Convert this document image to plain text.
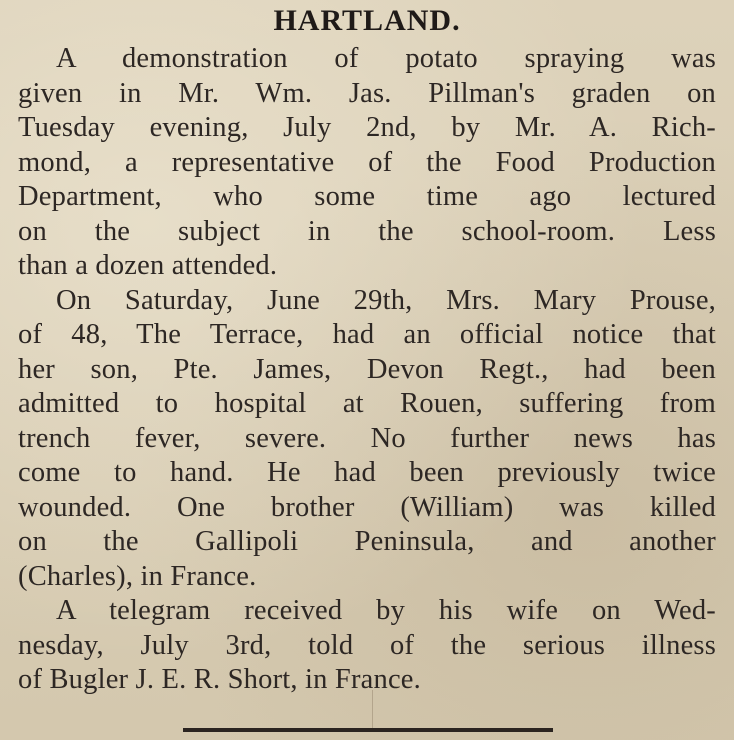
HARTLAND.
A demonstration of potato spraying was
given in Mr. Wm. Jas. Pillman's graden on
Tuesday evening, July 2nd, by Mr. A. Rich-
mond, a representative of the Food Production
Department, who some time ago lectured
on the subject in the school-room. Less
than a dozen attended.
On Saturday, June 29th, Mrs. Mary Prouse,
of 48, The Terrace, had an official notice that
her son, Pte. James, Devon Regt., had been
admitted to hospital at Rouen, suffering from
trench fever, severe. No further news has
come to hand. He had been previously twice
wounded. One brother (William) was killed
on the Gallipoli Peninsula, and another
(Charles), in France.
A telegram received by his wife on Wed-
nesday, July 3rd, told of the serious illness
of Bugler J. E. R. Short, in France.
